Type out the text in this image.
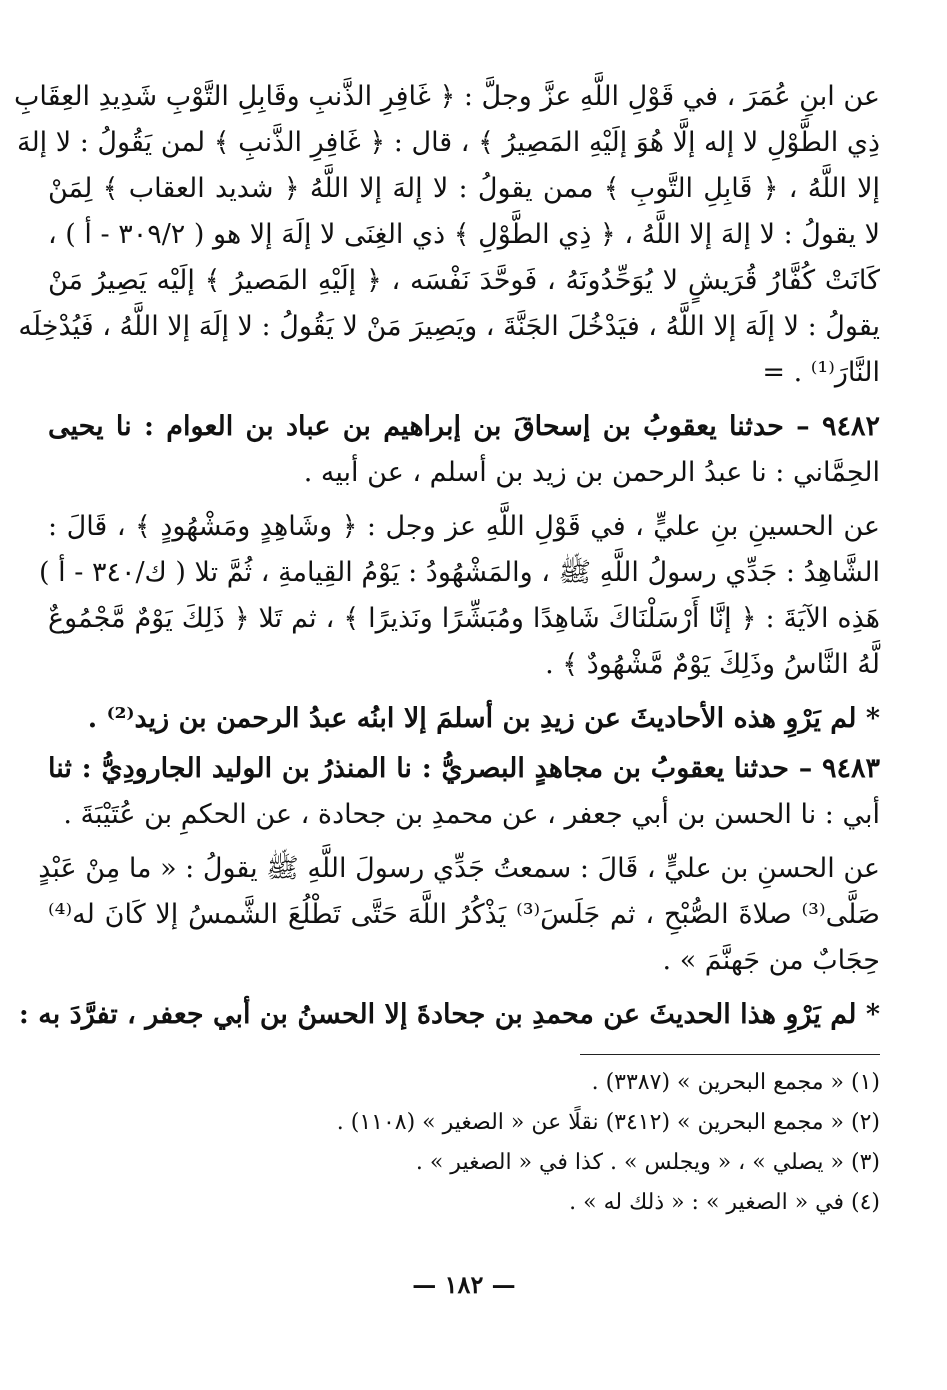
عن ابنِ عُمَرَ ، في قَوْلِ اللَّهِ عزَّ وجلَّ : ﴿ غَافِرِ الذَّنبِ وقَابِلِ التَّوْبِ شَدِيدِ العِقَابِ
ذِي الطَّوْلِ لا إله إلَّا هُوَ إلَيْهِ المَصِيرُ ﴾ ، قال : ﴿ غَافِرِ الذَّنبِ ﴾ لمن يَقُولُ : لا إلهَ
إلا اللَّهُ ، ﴿ قَابِلِ التَّوبِ ﴾ ممن يقولُ : لا إلهَ إلا اللَّهُ ﴿ شديد العقاب ﴾ لِمَنْ
لا يقولُ : لا إلهَ إلا اللَّهُ ، ﴿ ذِي الطَّوْلِ ﴾ ذي الغِنَى لا إلَهَ إلا هو ( ٣٠٩/٢ - أ ) ،
كَانَتْ كُفَّارُ قُرَيشٍ لا يُوَحِّدُونَهُ ، فَوحَّدَ نَفْسَه ، ﴿ إلَيْهِ المَصيرُ ﴾ إلَيْه يَصِيرُ مَنْ
يقولُ : لا إلَهَ إلا اللَّهُ ، فيَدْخُلَ الجَنَّةَ ، ويَصِيرَ مَنْ لا يَقُولُ : لا إلَهَ إلا اللَّهُ ، فَيُدْخِلَه
النَّارَ⁽¹⁾ . =
٩٤٨٢ – حدثنا يعقوبُ بن إسحاقَ بن إبراهيم بن عباد بن العوام : نا يحيى
الحِمَّاني : نا عبدُ الرحمن بن زيد بن أسلم ، عن أبيه .
عن الحسينِ بنِ عليٍّ ، في قَوْلِ اللَّهِ عز وجل : ﴿ وشَاهِدٍ ومَشْهُودٍ ﴾ ، قَالَ :
الشَّاهِدُ : جَدِّي رسولُ اللَّهِ ﷺ ، والمَشْهُودُ : يَوْمُ القِيامةِ ، ثُمَّ تلا ( ك/٣٤٠ - أ )
هَذِه الآيَةَ : ﴿ إنَّا أَرْسَلْنَاكَ شَاهِدًا ومُبَشِّرًا ونَذيرًا ﴾ ، ثم تَلا ﴿ ذَلِكَ يَوْمٌ مَّجْمُوعٌ
لَّهُ النَّاسُ وذَلِكَ يَوْمٌ مَّشْهُودٌ ﴾ .
* لم يَرْوِ هذه الأحاديثَ عن زيدِ بن أسلمَ إلا ابنُه عبدُ الرحمن بن زيد⁽²⁾ .
٩٤٨٣ – حدثنا يعقوبُ بن مجاهدٍ البصريُّ : نا المنذرُ بن الوليد الجارودِيُّ : ثنا
أبي : نا الحسن بن أبي جعفر ، عن محمدِ بن جحادة ، عن الحكمِ بن عُتَيْبَةَ .
عن الحسنِ بن عليٍّ ، قَالَ : سمعتُ جَدِّي رسولَ اللَّهِ ﷺ يقولُ : « ما مِنْ عَبْدٍ
صَلَّى⁽³⁾ صلاةَ الصُّبْحِ ، ثم جَلَسَ⁽³⁾ يَذْكُرُ اللَّهَ حَتَّى تَطْلُعَ الشَّمسُ إلا كَانَ له⁽⁴⁾
حِجَابٌ من جَهنَّمَ » .
* لم يَرْوِ هذا الحديثَ عن محمدِ بن جحادةَ إلا الحسنُ بن أبي جعفر ، تفرَّدَ به :
(١) « مجمع البحرين » (٣٣٨٧) .
(٢) « مجمع البحرين » (٣٤١٢) نقلًا عن « الصغير » (١١٠٨) .
(٣) « يصلي » ، « ويجلس » . كذا في « الصغير » .
(٤) في « الصغير » : « ذلك له » .
— ١٨٢ —
